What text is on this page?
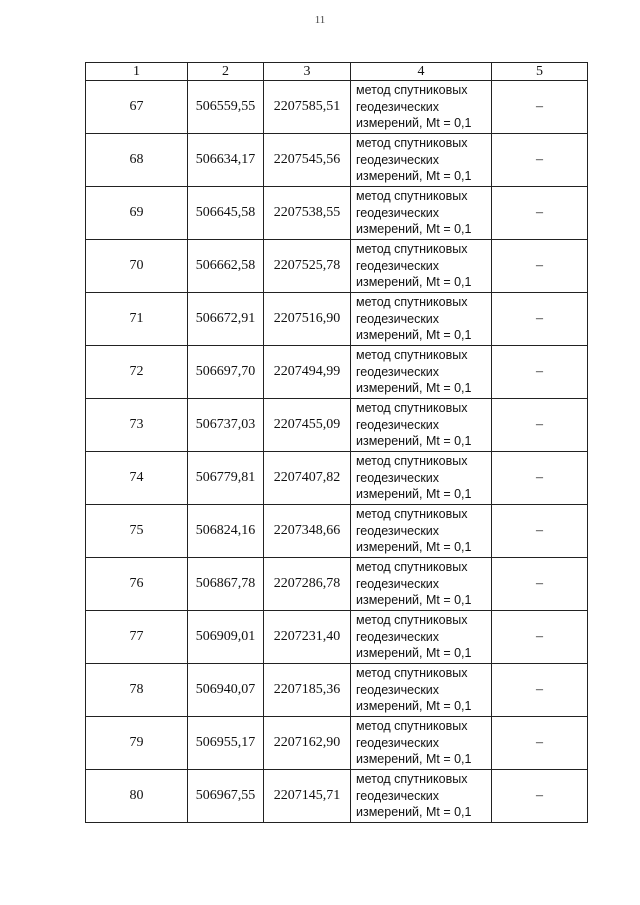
11
1	2	3	4	5
67	506559,55	2207585,51	метод спутниковых
геодезических
измерений, Mt = 0,1	–
68	506634,17	2207545,56	метод спутниковых
геодезических
измерений, Mt = 0,1	–
69	506645,58	2207538,55	метод спутниковых
геодезических
измерений, Mt = 0,1	–
70	506662,58	2207525,78	метод спутниковых
геодезических
измерений, Mt = 0,1	–
71	506672,91	2207516,90	метод спутниковых
геодезических
измерений, Mt = 0,1	–
72	506697,70	2207494,99	метод спутниковых
геодезических
измерений, Mt = 0,1	–
73	506737,03	2207455,09	метод спутниковых
геодезических
измерений, Mt = 0,1	–
74	506779,81	2207407,82	метод спутниковых
геодезических
измерений, Mt = 0,1	–
75	506824,16	2207348,66	метод спутниковых
геодезических
измерений, Mt = 0,1	–
76	506867,78	2207286,78	метод спутниковых
геодезических
измерений, Mt = 0,1	–
77	506909,01	2207231,40	метод спутниковых
геодезических
измерений, Mt = 0,1	–
78	506940,07	2207185,36	метод спутниковых
геодезических
измерений, Mt = 0,1	–
79	506955,17	2207162,90	метод спутниковых
геодезических
измерений, Mt = 0,1	–
80	506967,55	2207145,71	метод спутниковых
геодезических
измерений, Mt = 0,1	–
